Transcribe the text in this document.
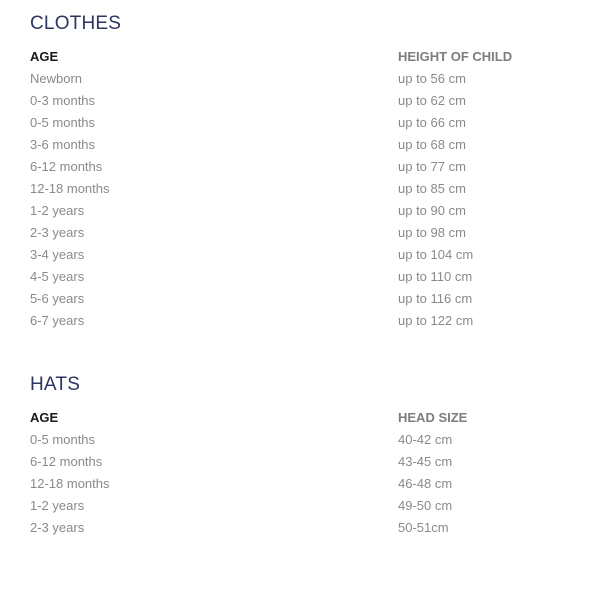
CLOTHES
AGE	HEIGHT OF CHILD
Newborn	up to 56 cm
0-3 months	up to 62 cm
0-5 months	up to 66 cm
3-6 months	up to 68 cm
6-12 months	up to 77 cm
12-18 months	up to 85 cm
1-2 years	up to 90 cm
2-3 years	up to 98 cm
3-4 years	up to 104 cm
4-5 years	up to 110 cm
5-6 years	up to 116 cm
6-7 years	up to 122 cm
HATS
AGE	HEAD SIZE
0-5 months	40-42 cm
6-12 months	43-45 cm
12-18 months	46-48 cm
1-2 years	49-50 cm
2-3 years	50-51cm
